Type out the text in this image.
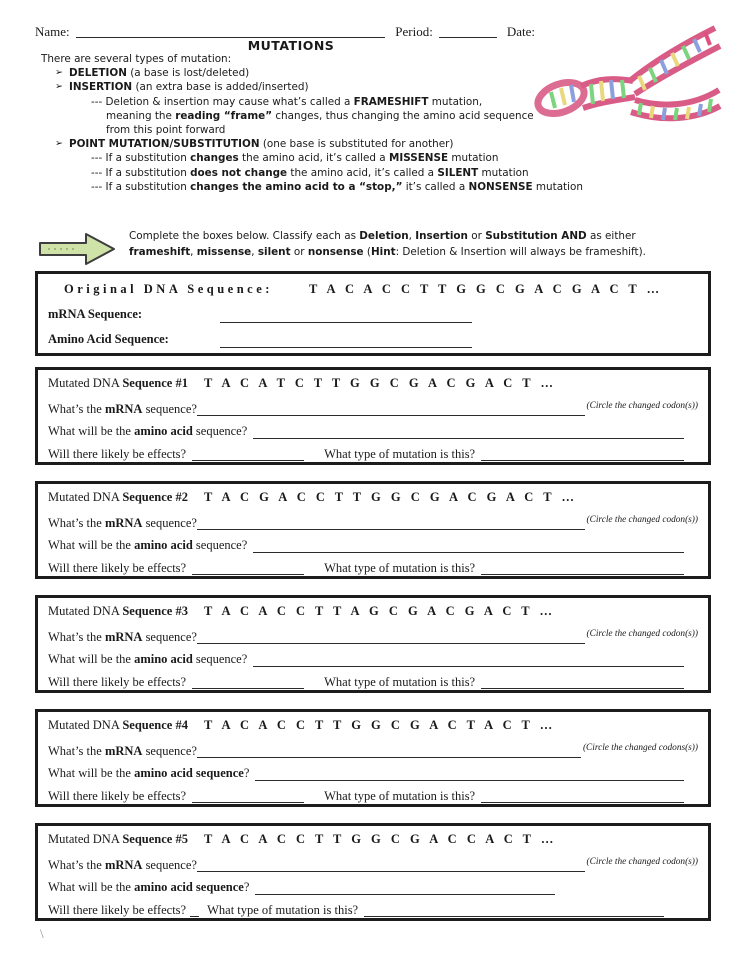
Name:	Period:	Date:
MUTATIONS
There are several types of mutation:
➢ DELETION (a base is lost/deleted)
➢ INSERTION (an extra base is added/inserted)
--- Deletion & insertion may cause what’s called a FRAMESHIFT mutation,
meaning the reading “frame” changes, thus changing the amino acid sequence
from this point forward
➢ POINT MUTATION/SUBSTITUTION (one base is substituted for another)
--- If a substitution changes the amino acid, it’s called a MISSENSE mutation
--- If a substitution does not change the amino acid, it’s called a SILENT mutation
--- If a substitution changes the amino acid to a “stop,” it’s called a NONSENSE mutation
Complete the boxes below. Classify each as Deletion, Insertion or Substitution AND as either
frameshift, missense, silent or nonsense (Hint: Deletion & Insertion will always be frameshift).
Original DNA Sequence:	T A C A C C T T G G C G A C G A C T …
mRNA Sequence:
Amino Acid Sequence:
Mutated DNA Sequence #1 T A C A T C T T G G C G A C G A C T …
What’s the mRNA sequence?	(Circle the changed codon(s))
What will be the amino acid sequence?
Will there likely be effects?	What type of mutation is this?
Mutated DNA Sequence #2 T A C G A C C T T G G C G A C G A C T …
What’s the mRNA sequence?	(Circle the changed codon(s))
What will be the amino acid sequence?
Will there likely be effects?	What type of mutation is this?
Mutated DNA Sequence #3 T A C A C C T T A G C G A C G A C T …
What’s the mRNA sequence?	(Circle the changed codon(s))
What will be the amino acid sequence?
Will there likely be effects?	What type of mutation is this?
Mutated DNA Sequence #4 T A C A C C T T G G C G A C T A C T …
What’s the mRNA sequence?	(Circle the changed codons(s))
What will be the amino acid sequence?
Will there likely be effects?	What type of mutation is this?
Mutated DNA Sequence #5 T A C A C C T T G G C G A C C A C T …
What’s the mRNA sequence?	(Circle the changed codon(s))
What will be the amino acid sequence?
Will there likely be effects? What type of mutation is this?
\
